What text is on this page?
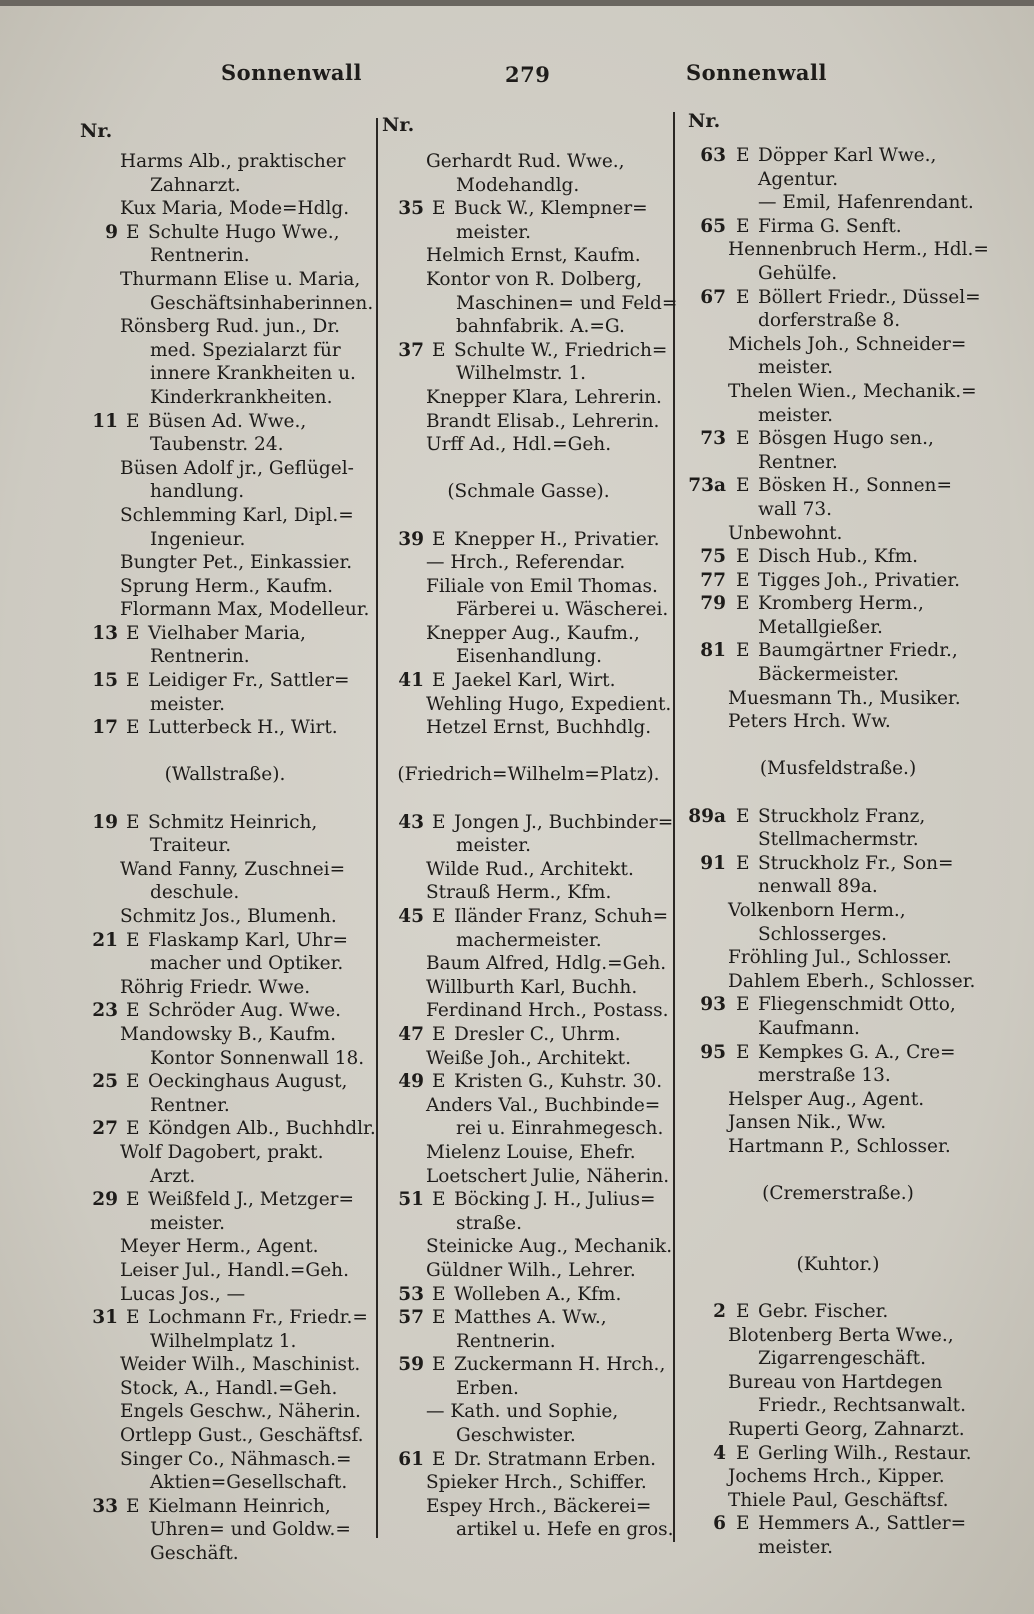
Sonnenwall	279	Sonnenwall
Nr.	Nr.	Nr.
Harms Alb., praktischer
Zahnarzt.
Kux Maria, Mode=Hdlg.
9 E Schulte Hugo Wwe.,
Rentnerin.
Thurmann Elise u. Maria,
Geschäftsinhaberinnen.
Rönsberg Rud. jun., Dr.
med. Spezialarzt für
innere Krankheiten u.
Kinderkrankheiten.
11 E Büsen Ad. Wwe.,
Taubenstr. 24.
Büsen Adolf jr., Geflügel-
handlung.
Schlemming Karl, Dipl.=
Ingenieur.
Bungter Pet., Einkassier.
Sprung Herm., Kaufm.
Flormann Max, Modelleur.
13 E Vielhaber Maria,
Rentnerin.
15 E Leidiger Fr., Sattler=
meister.
17 E Lutterbeck H., Wirt.
(Wallstraße).
19 E Schmitz Heinrich,
Traiteur.
Wand Fanny, Zuschnei=
deschule.
Schmitz Jos., Blumenh.
21 E Flaskamp Karl, Uhr=
macher und Optiker.
Röhrig Friedr. Wwe.
23 E Schröder Aug. Wwe.
Mandowsky B., Kaufm.
Kontor Sonnenwall 18.
25 E Oeckinghaus August,
Rentner.
27 E Köndgen Alb., Buchhdlr.
Wolf Dagobert, prakt.
Arzt.
29 E Weißfeld J., Metzger=
meister.
Meyer Herm., Agent.
Leiser Jul., Handl.=Geh.
Lucas Jos., —
31 E Lochmann Fr., Friedr.=
Wilhelmplatz 1.
Weider Wilh., Maschinist.
Stock, A., Handl.=Geh.
Engels Geschw., Näherin.
Ortlepp Gust., Geschäftsf.
Singer Co., Nähmasch.=
Aktien=Gesellschaft.
33 E Kielmann Heinrich,
Uhren= und Goldw.=
Geschäft.
Gerhardt Rud. Wwe.,
Modehandlg.
35 E Buck W., Klempner=
meister.
Helmich Ernst, Kaufm.
Kontor von R. Dolberg,
Maschinen= und Feld=
bahnfabrik. A.=G.
37 E Schulte W., Friedrich=
Wilhelmstr. 1.
Knepper Klara, Lehrerin.
Brandt Elisab., Lehrerin.
Urff Ad., Hdl.=Geh.
(Schmale Gasse).
39 E Knepper H., Privatier.
— Hrch., Referendar.
Filiale von Emil Thomas.
Färberei u. Wäscherei.
Knepper Aug., Kaufm.,
Eisenhandlung.
41 E Jaekel Karl, Wirt.
Wehling Hugo, Expedient.
Hetzel Ernst, Buchhdlg.
(Friedrich=Wilhelm=Platz).
43 E Jongen J., Buchbinder=
meister.
Wilde Rud., Architekt.
Strauß Herm., Kfm.
45 E Iländer Franz, Schuh=
machermeister.
Baum Alfred, Hdlg.=Geh.
Willburth Karl, Buchh.
Ferdinand Hrch., Postass.
47 E Dresler C., Uhrm.
Weiße Joh., Architekt.
49 E Kristen G., Kuhstr. 30.
Anders Val., Buchbinde=
rei u. Einrahmegesch.
Mielenz Louise, Ehefr.
Loetschert Julie, Näherin.
51 E Böcking J. H., Julius=
straße.
Steinicke Aug., Mechanik.
Güldner Wilh., Lehrer.
53 E Wolleben A., Kfm.
57 E Matthes A. Ww.,
Rentnerin.
59 E Zuckermann H. Hrch.,
Erben.
— Kath. und Sophie,
Geschwister.
61 E Dr. Stratmann Erben.
Spieker Hrch., Schiffer.
Espey Hrch., Bäckerei=
artikel u. Hefe en gros.
63 E Döpper Karl Wwe.,
Agentur.
— Emil, Hafenrendant.
65 E Firma G. Senft.
Hennenbruch Herm., Hdl.=
Gehülfe.
67 E Böllert Friedr., Düssel=
dorferstraße 8.
Michels Joh., Schneider=
meister.
Thelen Wien., Mechanik.=
meister.
73 E Bösgen Hugo sen.,
Rentner.
73a E Bösken H., Sonnen=
wall 73.
Unbewohnt.
75 E Disch Hub., Kfm.
77 E Tigges Joh., Privatier.
79 E Kromberg Herm.,
Metallgießer.
81 E Baumgärtner Friedr.,
Bäckermeister.
Muesmann Th., Musiker.
Peters Hrch. Ww.
(Musfeldstraße.)
89a E Struckholz Franz,
Stellmachermstr.
91 E Struckholz Fr., Son=
nenwall 89a.
Volkenborn Herm.,
Schlosserges.
Fröhling Jul., Schlosser.
Dahlem Eberh., Schlosser.
93 E Fliegenschmidt Otto,
Kaufmann.
95 E Kempkes G. A., Cre=
merstraße 13.
Helsper Aug., Agent.
Jansen Nik., Ww.
Hartmann P., Schlosser.
(Cremerstraße.)
(Kuhtor.)
2 E Gebr. Fischer.
Blotenberg Berta Wwe.,
Zigarrengeschäft.
Bureau von Hartdegen
Friedr., Rechtsanwalt.
Ruperti Georg, Zahnarzt.
4 E Gerling Wilh., Restaur.
Jochems Hrch., Kipper.
Thiele Paul, Geschäftsf.
6 E Hemmers A., Sattler=
meister.
